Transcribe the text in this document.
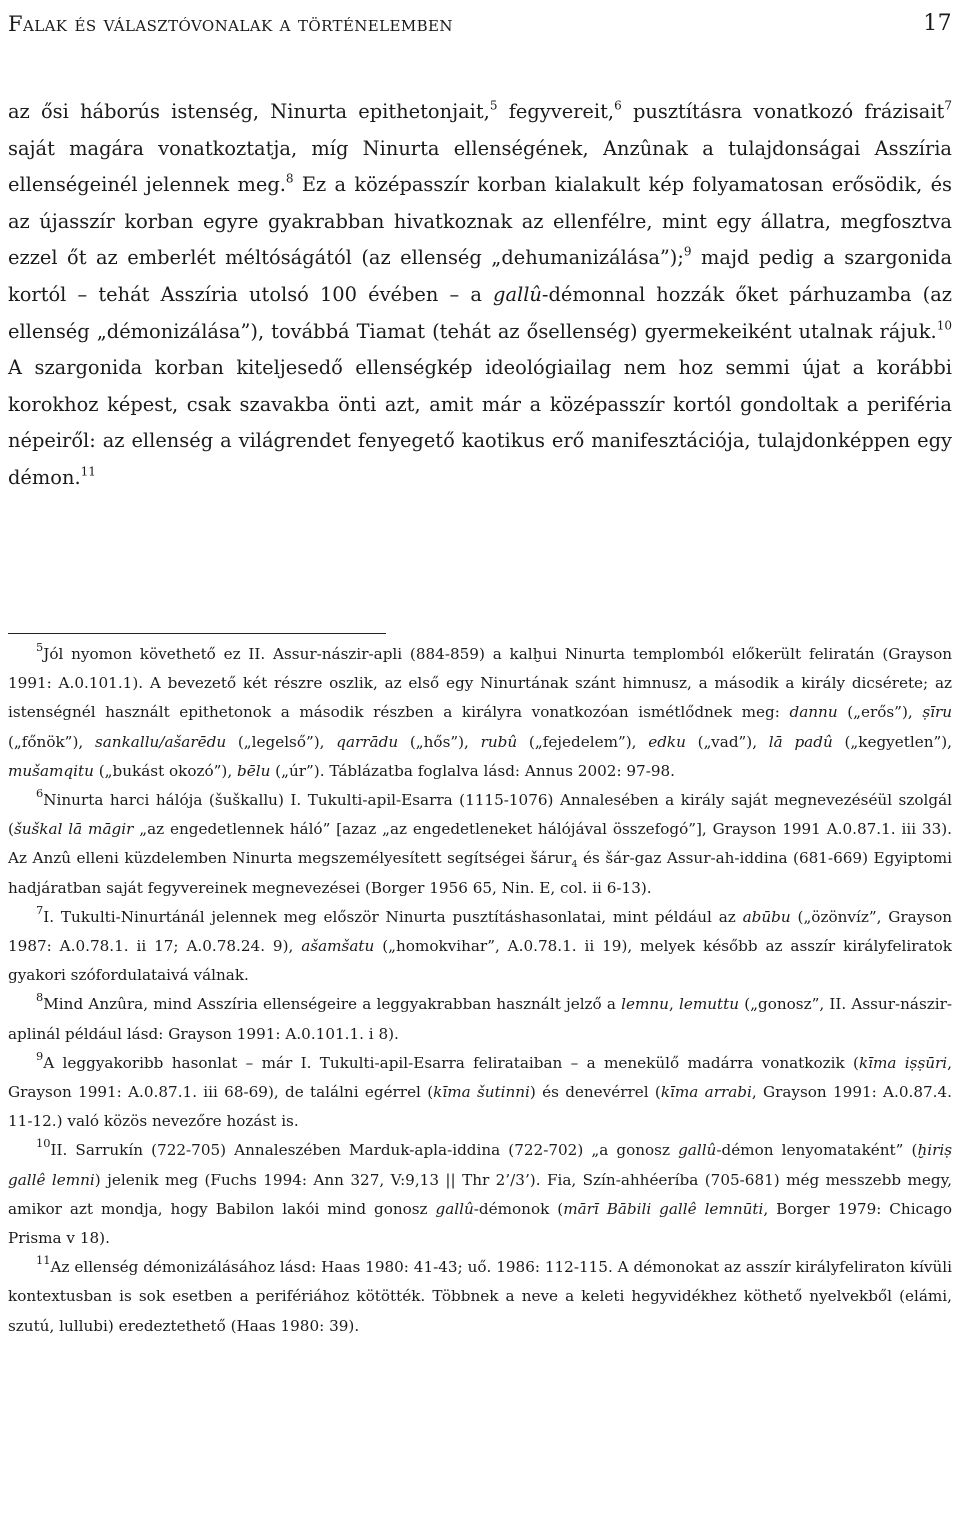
Falak és választóvonalak a történelemben	17

az ősi háborús istenség, Ninurta epithetonjait,$^5$ fegyvereit,$^6$ pusztításra vonatkozó frázisait$^7$ saját magára vonatkoztatja, míg Ninurta ellenségének, Anzûnak a tulajdonságai Asszíria ellenségeinél jelennek meg.$^8$ Ez a középasszír korban kialakult kép folyamatosan erősödik, és az újasszír korban egyre gyakrabban hivatkoznak az ellenfélre, mint egy állatra, megfosztva ezzel őt az emberlét méltóságától (az ellenség „dehumanizálása”);$^9$ majd pedig a szargonida kortól – tehát Asszíria utolsó 100 évében – a gallû-démonnal hozzák őket párhuzamba (az ellenség „démonizálása”), továbbá Tiamat (tehát az ősellenség) gyermekeiként utalnak rájuk.$^{10}$ A szargonida korban kiteljesedő ellenségkép ideológiailag nem hoz semmi újat a korábbi korokhoz képest, csak szavakba önti azt, amit már a középasszír kortól gondoltak a periféria népeiről: az ellenség a világrendet fenyegető kaotikus erő manifesztációja, tulajdonképpen egy démon.$^{11}$

$^5$Jól nyomon követhető ez II. Assur-nászir-apli (884-859) a kalḫui Ninurta templomból előkerült feliratán (Grayson 1991: A.0.101.1). A bevezető két részre oszlik, az első egy Ninurtának szánt himnusz, a második a király dicsérete; az istenségnél használt epithetonok a második részben a királyra vonatkozóan ismétlődnek meg: dannu („erős”), ṣīru („főnök”), sankallu/ašarēdu („legelső”), qarrādu („hős”), rubû („fejedelem”), edku („vad”), lā padû („kegyetlen”), mušamqitu („bukást okozó”), bēlu („úr”). Táblázatba foglalva lásd: Annus 2002: 97-98.

$^6$Ninurta harci hálója (šuškallu) I. Tukulti-apil-Esarra (1115-1076) Annalesében a király saját megnevezéséül szolgál (šuškal lā māgir „az engedetlennek háló” [azaz „az engedetleneket hálójával összefogó”], Grayson 1991 A.0.87.1. iii 33). Az Anzû elleni küzdelemben Ninurta megszemélyesített segítségei šárur$_4$ és šár-gaz Assur-ah-iddina (681-669) Egyiptomi hadjáratban saját fegyvereinek megnevezései (Borger 1956 65, Nin. E, col. ii 6-13).

$^7$I. Tukulti-Ninurtánál jelennek meg először Ninurta pusztításhasonlatai, mint például az abūbu („özönvíz”, Grayson 1987: A.0.78.1. ii 17; A.0.78.24. 9), ašamšatu („homokvihar”, A.0.78.1. ii 19), melyek később az asszír királyfeliratok gyakori szófordulataivá válnak.

$^8$Mind Anzûra, mind Asszíria ellenségeire a leggyakrabban használt jelző a lemnu, lemuttu („gonosz”, II. Assur-nászir-aplinál például lásd: Grayson 1991: A.0.101.1. i 8).

$^9$A leggyakoribb hasonlat – már I. Tukulti-apil-Esarra felirataiban – a menekülő madárra vonatkozik (kīma iṣṣūri, Grayson 1991: A.0.87.1. iii 68-69), de találni egérrel (kīma šutinni) és denevérrel (kīma arrabi, Grayson 1991: A.0.87.4. 11-12.) való közös nevezőre hozást is.

$^{10}$II. Sarrukín (722-705) Annaleszében Marduk-apla-iddina (722-702) „a gonosz gallû-démon lenyomataként” (ḫiriṣ gallê lemni) jelenik meg (Fuchs 1994: Ann 327, V:9,13 || Thr 2’/3’). Fia, Szín-ahhéeríba (705-681) még messzebb megy, amikor azt mondja, hogy Babilon lakói mind gonosz gallû-démonok (mārī Bābili gallê lemnūti, Borger 1979: Chicago Prisma v 18).

$^{11}$Az ellenség démonizálásához lásd: Haas 1980: 41-43; uő. 1986: 112-115. A démonokat az asszír királyfeliraton kívüli kontextusban is sok esetben a perifériához kötötték. Többnek a neve a keleti hegyvidékhez köthető nyelvekből (elámi, szutú, lullubi) eredeztethető (Haas 1980: 39).
